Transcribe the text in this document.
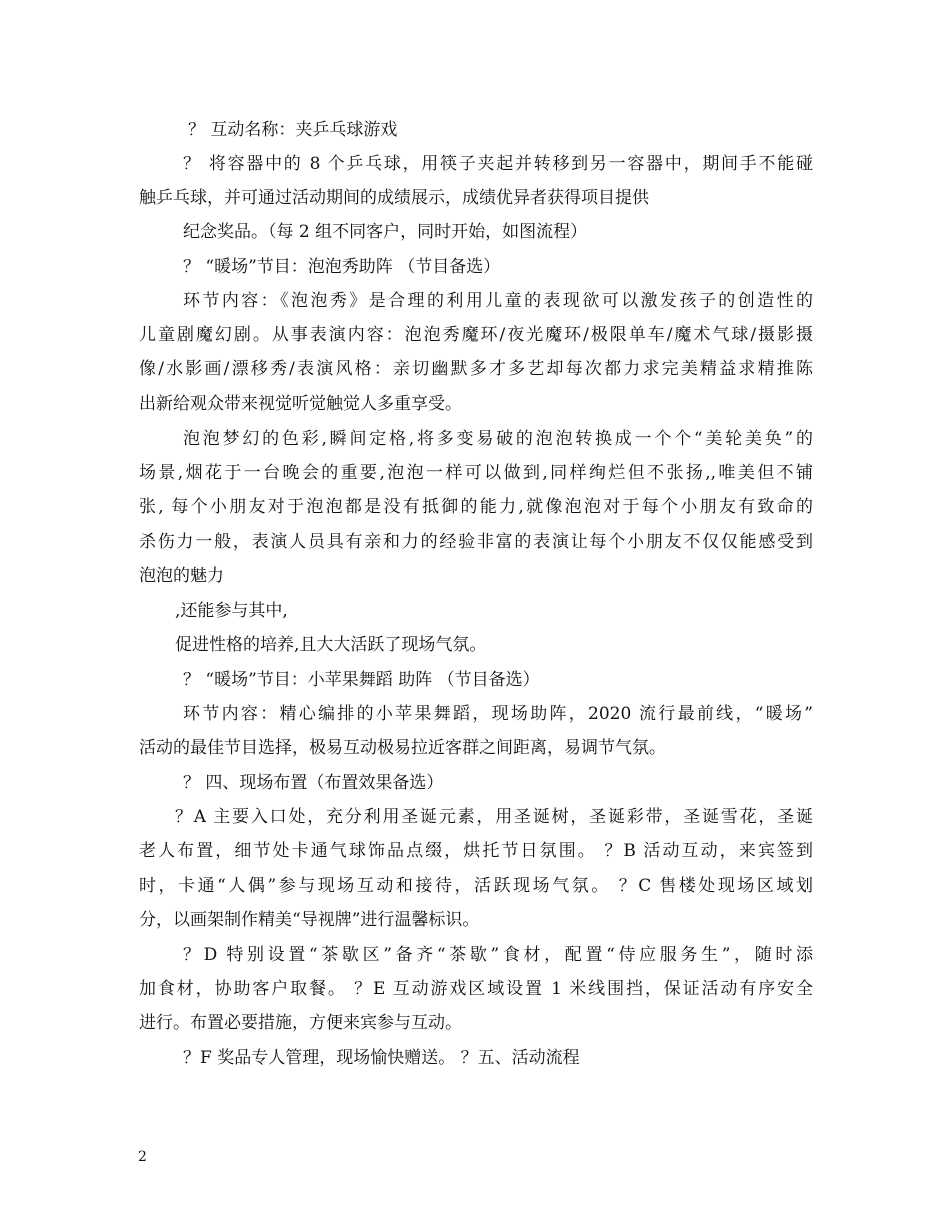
？ 互动名称：夹乒乓球游戏
？ 将容器中的 8 个乒乓球，用筷子夹起并转移到另一容器中，期间手不能碰
触乒乓球，并可通过活动期间的成绩展示，成绩优异者获得项目提供
纪念奖品。（每 2 组不同客户，同时开始，如图流程）
？ “暖场”节目：泡泡秀助阵 （节目备选）
环节内容：《泡泡秀》是合理的利用儿童的表现欲可以激发孩子的创造性的
儿童剧魔幻剧。从事表演内容：泡泡秀魔环/夜光魔环/极限单车/魔术气球/摄影摄
像/水影画/漂移秀/表演风格：亲切幽默多才多艺却每次都力求完美精益求精推陈
出新给观众带来视觉听觉触觉人多重享受。
泡泡梦幻的色彩,瞬间定格,将多变易破的泡泡转换成一个个“美轮美奂”的
场景,烟花于一台晚会的重要,泡泡一样可以做到,同样绚烂但不张扬,,唯美但不铺
张, 每个小朋友对于泡泡都是没有抵御的能力,就像泡泡对于每个小朋友有致命的
杀伤力一般，表演人员具有亲和力的经验非富的表演让每个小朋友不仅仅能感受到
泡泡的魅力
,还能参与其中,
促进性格的培养,且大大活跃了现场气氛。
？ “暖场”节目：小苹果舞蹈 助阵 （节目备选）
环节内容：精心编排的小苹果舞蹈，现场助阵，2020 流行最前线，“暖场”
活动的最佳节目选择，极易互动极易拉近客群之间距离，易调节气氛。
？ 四、现场布置（布置效果备选）
？A 主要入口处，充分利用圣诞元素，用圣诞树，圣诞彩带，圣诞雪花，圣诞
老人布置，细节处卡通气球饰品点缀，烘托节日氛围。 ？B 活动互动，来宾签到
时，卡通“人偶”参与现场互动和接待，活跃现场气氛。 ？C 售楼处现场区域划
分，以画架制作精美“导视牌”进行温馨标识。
？D 特别设置“茶歇区”备齐“茶歇”食材，配置“侍应服务生”，随时添
加食材，协助客户取餐。 ？E 互动游戏区域设置 1 米线围挡，保证活动有序安全
进行。布置必要措施，方便来宾参与互动。
？F 奖品专人管理，现场愉快赠送。 ？五、活动流程
2
